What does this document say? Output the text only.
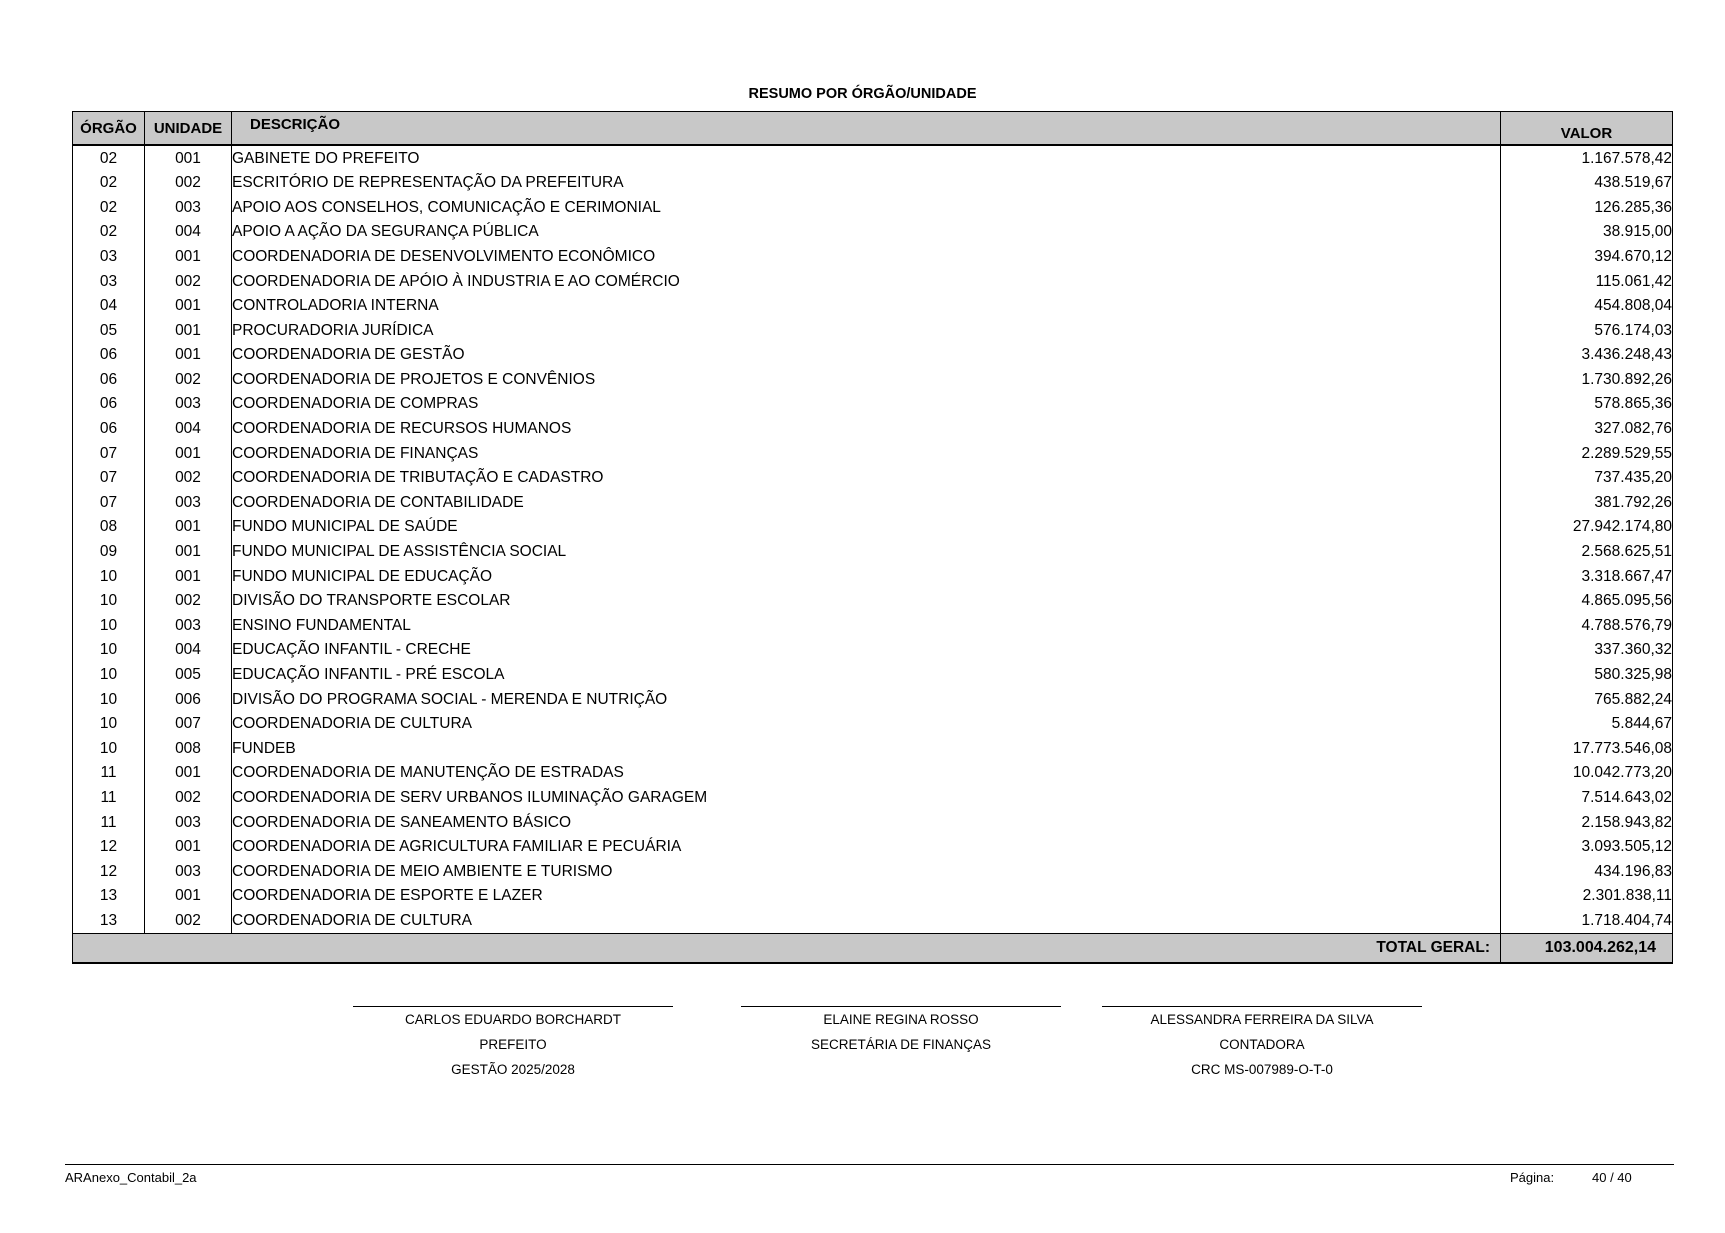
RESUMO POR ÓRGÃO/UNIDADE
ÓRGÃO	UNIDADE	DESCRIÇÃO	VALOR
02	001	GABINETE DO PREFEITO	1.167.578,42
02	002	ESCRITÓRIO DE REPRESENTAÇÃO DA PREFEITURA	438.519,67
02	003	APOIO AOS CONSELHOS, COMUNICAÇÃO E CERIMONIAL	126.285,36
02	004	APOIO A AÇÃO DA SEGURANÇA PÚBLICA	38.915,00
03	001	COORDENADORIA DE DESENVOLVIMENTO ECONÔMICO	394.670,12
03	002	COORDENADORIA DE APÓIO À INDUSTRIA E AO COMÉRCIO	115.061,42
04	001	CONTROLADORIA INTERNA	454.808,04
05	001	PROCURADORIA JURÍDICA	576.174,03
06	001	COORDENADORIA DE GESTÃO	3.436.248,43
06	002	COORDENADORIA DE PROJETOS E CONVÊNIOS	1.730.892,26
06	003	COORDENADORIA DE COMPRAS	578.865,36
06	004	COORDENADORIA DE RECURSOS HUMANOS	327.082,76
07	001	COORDENADORIA DE FINANÇAS	2.289.529,55
07	002	COORDENADORIA DE TRIBUTAÇÃO E CADASTRO	737.435,20
07	003	COORDENADORIA DE CONTABILIDADE	381.792,26
08	001	FUNDO MUNICIPAL DE SAÚDE	27.942.174,80
09	001	FUNDO MUNICIPAL DE ASSISTÊNCIA SOCIAL	2.568.625,51
10	001	FUNDO MUNICIPAL DE EDUCAÇÃO	3.318.667,47
10	002	DIVISÃO DO TRANSPORTE ESCOLAR	4.865.095,56
10	003	ENSINO FUNDAMENTAL	4.788.576,79
10	004	EDUCAÇÃO INFANTIL - CRECHE	337.360,32
10	005	EDUCAÇÃO INFANTIL - PRÉ ESCOLA	580.325,98
10	006	DIVISÃO DO PROGRAMA SOCIAL - MERENDA E NUTRIÇÃO	765.882,24
10	007	COORDENADORIA DE CULTURA	5.844,67
10	008	FUNDEB	17.773.546,08
11	001	COORDENADORIA DE MANUTENÇÃO DE ESTRADAS	10.042.773,20
11	002	COORDENADORIA DE SERV URBANOS ILUMINAÇÃO GARAGEM	7.514.643,02
11	003	COORDENADORIA DE SANEAMENTO BÁSICO	2.158.943,82
12	001	COORDENADORIA DE AGRICULTURA FAMILIAR E PECUÁRIA	3.093.505,12
12	003	COORDENADORIA DE MEIO AMBIENTE E TURISMO	434.196,83
13	001	COORDENADORIA DE ESPORTE E LAZER	2.301.838,11
13	002	COORDENADORIA DE CULTURA	1.718.404,74

TOTAL GERAL:			103.004.262,14
CARLOS EDUARDO BORCHARDT
PREFEITO
GESTÃO 2025/2028
ELAINE REGINA ROSSO
SECRETÁRIA DE FINANÇAS
ALESSANDRA FERREIRA DA SILVA
CONTADORA
CRC MS-007989-O-T-0
ARAnexo_Contabil_2a	Página:	40 / 40
